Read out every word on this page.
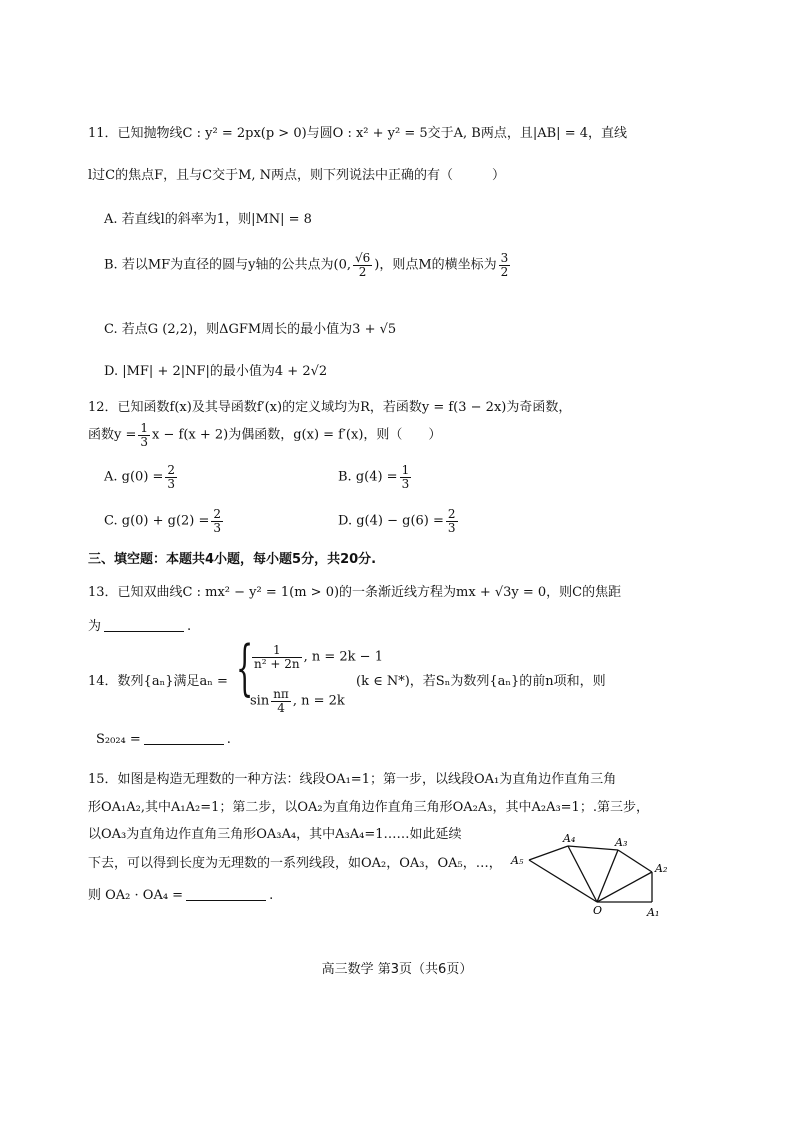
11．已知抛物线C : y² = 2px(p > 0)与圆O : x² + y² = 5交于A, B两点，且|AB| = 4，直线
l过C的焦点F，且与C交于M, N两点，则下列说法中正确的有（　　　）
A. 若直线l的斜率为1，则|MN| = 8
B. 若以MF为直径的圆与y轴的公共点为(0, $\frac{√6}{2}$ )，则点M的横坐标为 $\frac{3}{2}$
C. 若点G (2,2)，则ΔGFM周长的最小值为3 + √5
D. |MF| + 2|NF|的最小值为4 + 2√2
12．已知函数f(x)及其导函数f′(x)的定义域均为R，若函数y = f(3 − 2x)为奇函数，
函数$y = \frac{1}{3}$ x − f(x + 2)为偶函数，g(x) = f′(x)，则（　　）
A. $g(0) = \frac{2}{3}$	B. $g(4) = \frac{1}{3}$
C. $g(0) + g(2) = \frac{2}{3}$	D. $g(4) - g(6) = \frac{2}{3}$
三、填空题：本题共4小题，每小题5分，共20分.
13．已知双曲线C : mx² − y² = 1(m > 0)的一条渐近线方程为mx + √3y = 0，则C的焦距
为	.
14．数列{aₙ}满足aₙ = {
$\frac{1}{\text{n² + 2n}}$ , n = 2k − 1
$\sin \frac{n\pi}{4}$ , n = 2k
(k ∈ N*)，若Sₙ为数列{aₙ}的前n项和，则
S₂₀₂₄ =	.
15．如图是构造无理数的一种方法：线段OA₁=1；第一步，以线段OA₁为直角边作直角三角
形OA₁A₂,其中A₁A₂=1；第二步，以OA₂为直角边作直角三角形OA₂A₃，其中A₂A₃=1；.第三步，
以OA₃为直角边作直角三角形OA₃A₄，其中A₃A₄=1……如此延续
下去，可以得到长度为无理数的一系列线段，如OA₂，OA₃，OA₅，…，
则 OA₂ · OA₄ =	.
A₁
A₂
A₃
A₄
A₅
O
高三数学 第3页（共6页）
